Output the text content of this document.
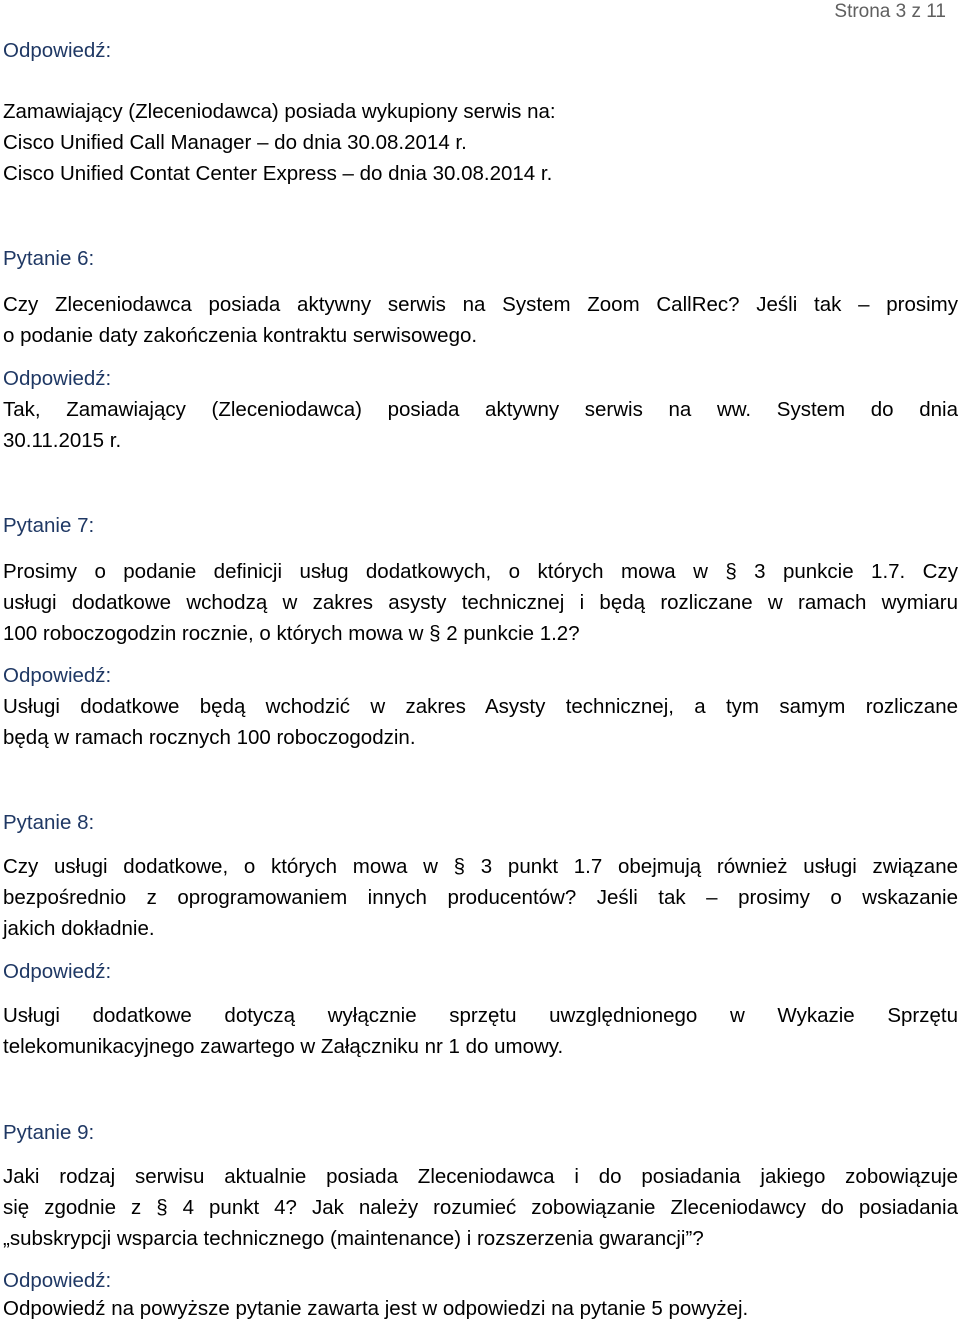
Strona 3 z 11
Odpowiedź:
Zamawiający (Zleceniodawca) posiada wykupiony serwis na:
Cisco Unified Call Manager – do dnia 30.08.2014 r.
Cisco Unified Contat Center Express – do dnia 30.08.2014 r.
Pytanie 6:
Czy Zleceniodawca posiada aktywny serwis na System Zoom CallRec? Jeśli tak – prosimy
o podanie daty zakończenia kontraktu serwisowego.
Odpowiedź:
Tak, Zamawiający (Zleceniodawca) posiada aktywny serwis na ww. System do dnia
30.11.2015 r.
Pytanie 7:
Prosimy o podanie definicji usług dodatkowych, o których mowa w § 3 punkcie 1.7. Czy
usługi dodatkowe wchodzą w zakres asysty technicznej i będą rozliczane w ramach wymiaru
100 roboczogodzin rocznie, o których mowa w § 2 punkcie 1.2?
Odpowiedź:
Usługi dodatkowe będą wchodzić w zakres Asysty technicznej, a tym samym rozliczane
będą w ramach rocznych 100 roboczogodzin.
Pytanie 8:
Czy usługi dodatkowe, o których mowa w § 3 punkt 1.7 obejmują również usługi związane
bezpośrednio z oprogramowaniem innych producentów? Jeśli tak – prosimy o wskazanie
jakich dokładnie.
Odpowiedź:
Usługi dodatkowe dotyczą wyłącznie sprzętu uwzględnionego w Wykazie Sprzętu
telekomunikacyjnego zawartego w Załączniku nr 1 do umowy.
Pytanie 9:
Jaki rodzaj serwisu aktualnie posiada Zleceniodawca i do posiadania jakiego zobowiązuje
się zgodnie z § 4 punkt 4? Jak należy rozumieć zobowiązanie Zleceniodawcy do posiadania
„subskrypcji wsparcia technicznego (maintenance) i rozszerzenia gwarancji”?
Odpowiedź:
Odpowiedź na powyższe pytanie zawarta jest w odpowiedzi na pytanie 5 powyżej.
